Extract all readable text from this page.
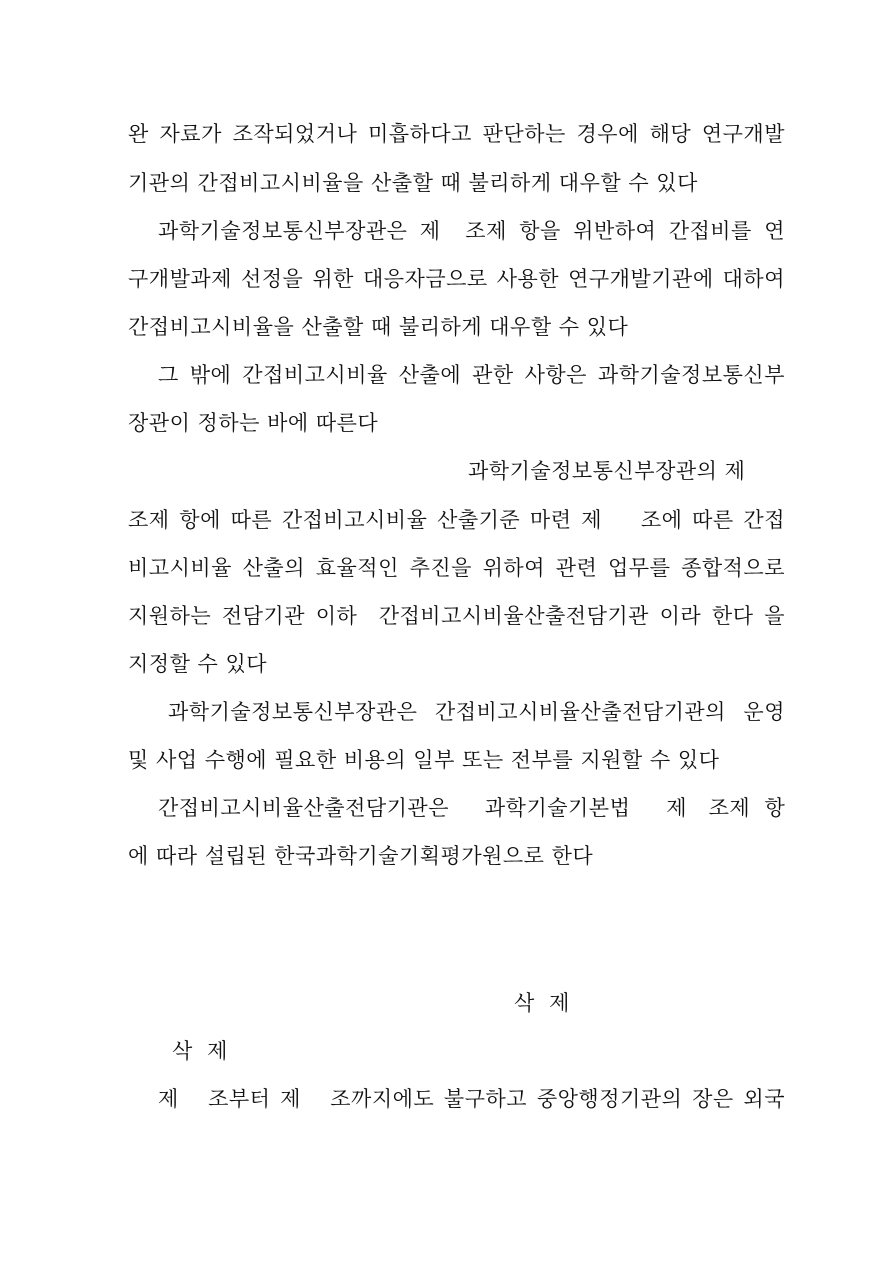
완 자료가 조작되었거나 미흡하다고 판단하는 경우에 해당 연구개발
기관의 간접비고시비율을 산출할 때 불리하게 대우할 수 있다
과학기술정보통신부장관은 제  조제 항을 위반하여 간접비를 연
구개발과제 선정을 위한 대응자금으로 사용한 연구개발기관에 대하여
간접비고시비율을 산출할 때 불리하게 대우할 수 있다
그 밖에 간접비고시비율 산출에 관한 사항은 과학기술정보통신부
장관이 정하는 바에 따른다
과학기술정보통신부장관의 제
조제 항에 따른 간접비고시비율 산출기준 마련 제    조에 따른 간접
비고시비율 산출의 효율적인 추진을 위하여 관련 업무를 종합적으로
지원하는 전담기관 이하  간접비고시비율산출전담기관 이라 한다 을
지정할 수 있다
과학기술정보통신부장관은  간접비고시비율산출전담기관의  운영
및 사업 수행에 필요한 비용의 일부 또는 전부를 지원할 수 있다
간접비고시비율산출전담기관은     과학기술기본법     제   조제  항
에 따라 설립된 한국과학기술기획평가원으로 한다
삭  제
삭  제
제   조부터 제   조까지에도 불구하고 중앙행정기관의 장은 외국
